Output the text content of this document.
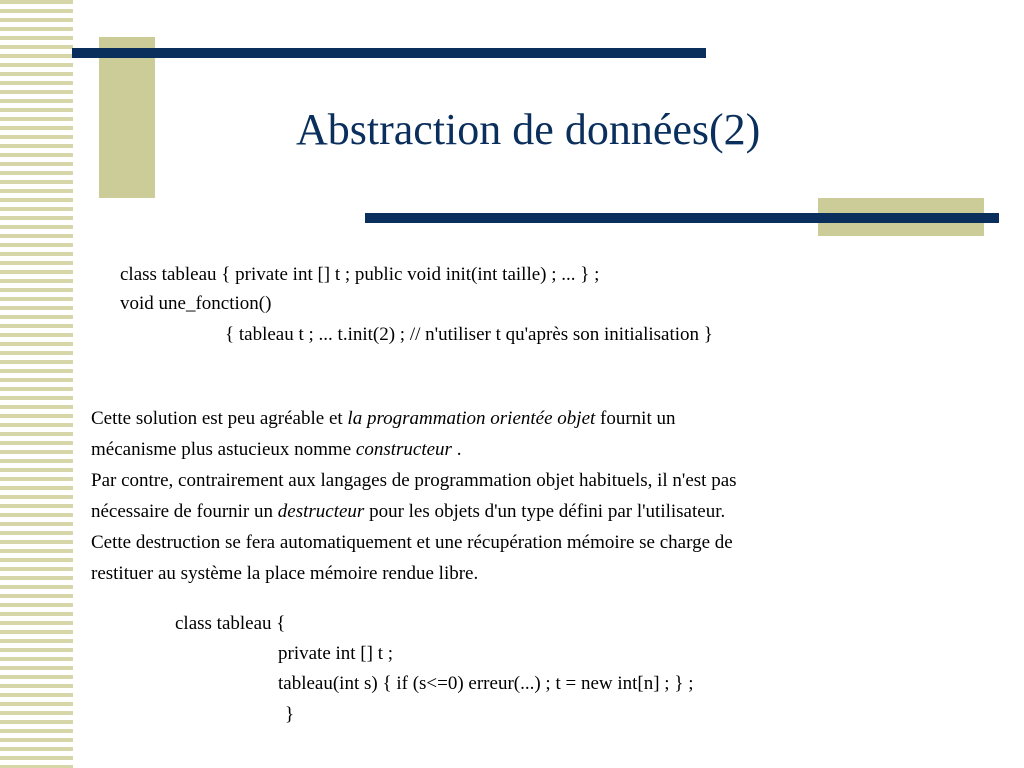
Abstraction de données(2)
class tableau { private int [] t ; public void init(int taille) ; ... } ;
void une_fonction()
{ tableau t ; ... t.init(2) ; // n'utiliser t qu'après son initialisation }

Cette solution est peu agréable et la programmation orientée objet fournit un

mécanisme plus astucieux nomme constructeur .

Par contre, contrairement aux langages de programmation objet habituels, il n'est pas

nécessaire de fournir un destructeur pour les objets d'un type défini par l'utilisateur.

Cette destruction se fera automatiquement et une récupération mémoire se charge de

restituer au système la place mémoire rendue libre.

class tableau {
private int [] t ;
tableau(int s) { if (s<=0) erreur(...) ; t = new int[n] ; } ;
}
